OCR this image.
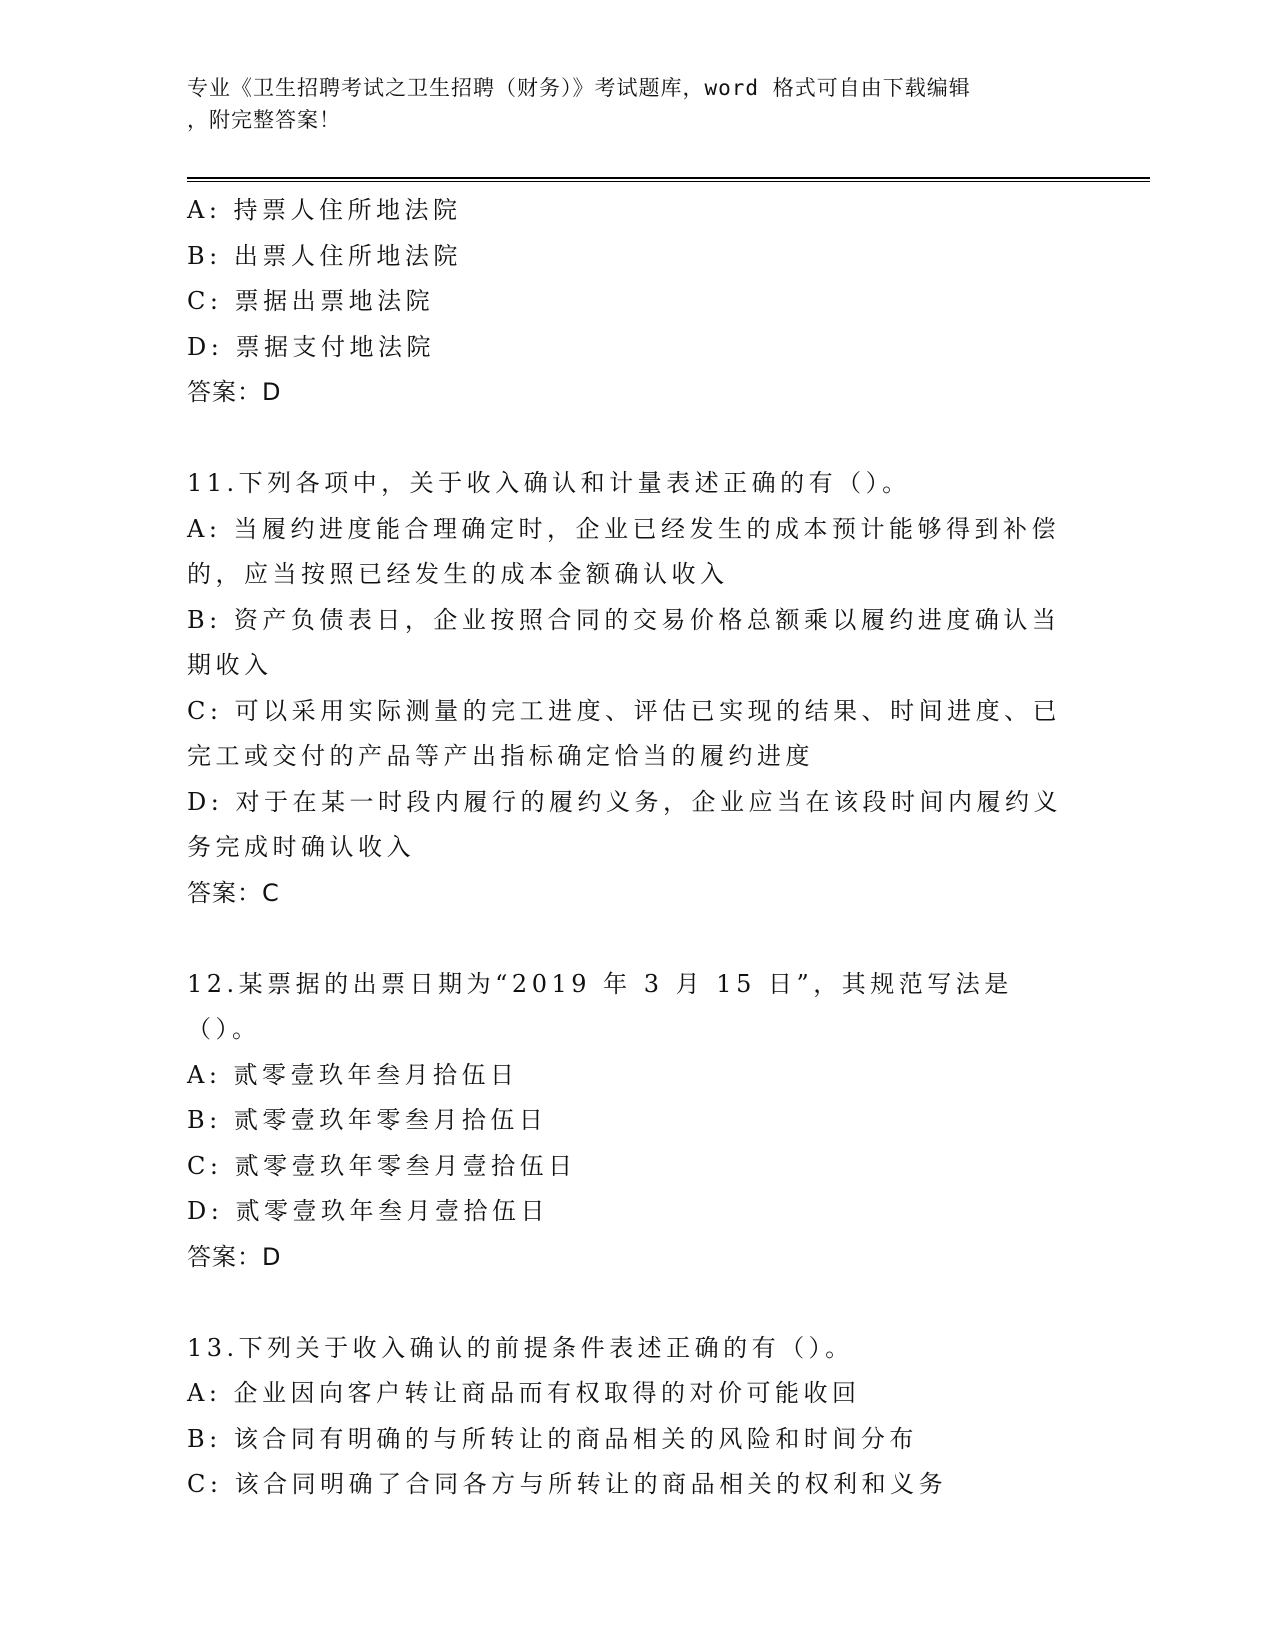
专业《卫生招聘考试之卫生招聘（财务）》考试题库，word 格式可自由下载编辑
，附完整答案！

A: 持票人住所地法院

B: 出票人住所地法院

C: 票据出票地法院

D: 票据支付地法院

答案：D

11.下列各项中，关于收入确认和计量表述正确的有（）。

A: 当履约进度能合理确定时，企业已经发生的成本预计能够得到补偿

的，应当按照已经发生的成本金额确认收入

B: 资产负债表日，企业按照合同的交易价格总额乘以履约进度确认当

期收入

C: 可以采用实际测量的完工进度、评估已实现的结果、时间进度、已

完工或交付的产品等产出指标确定恰当的履约进度

D: 对于在某一时段内履行的履约义务，企业应当在该段时间内履约义

务完成时确认收入

答案：C

12.某票据的出票日期为“2019 年 3 月 15 日”，其规范写法是（）。

A: 贰零壹玖年叁月拾伍日

B: 贰零壹玖年零叁月拾伍日

C: 贰零壹玖年零叁月壹拾伍日

D: 贰零壹玖年叁月壹拾伍日

答案：D

13.下列关于收入确认的前提条件表述正确的有（）。

A: 企业因向客户转让商品而有权取得的对价可能收回

B: 该合同有明确的与所转让的商品相关的风险和时间分布

C: 该合同明确了合同各方与所转让的商品相关的权利和义务
